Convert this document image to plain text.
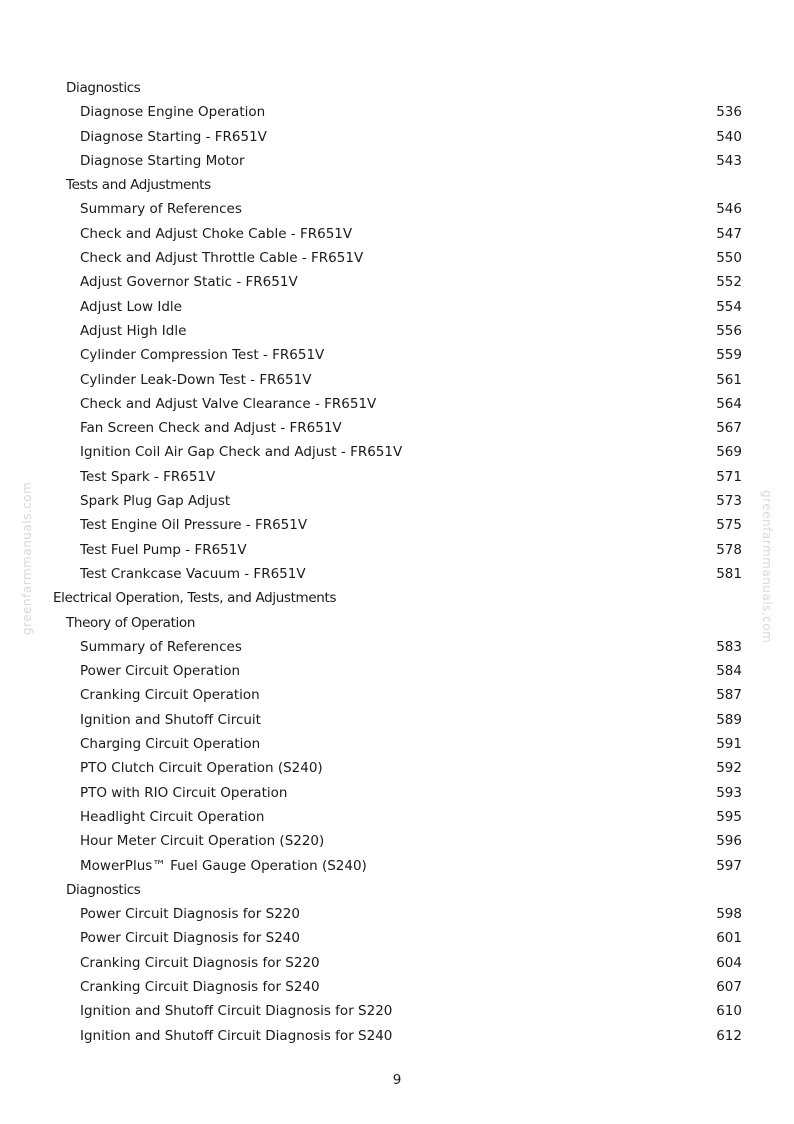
greenfarmmanuals.com	greenfarmmanuals.com
Diagnostics
Diagnose Engine Operation	536
Diagnose Starting - FR651V	540
Diagnose Starting Motor	543
Tests and Adjustments
Summary of References	546
Check and Adjust Choke Cable - FR651V	547
Check and Adjust Throttle Cable - FR651V	550
Adjust Governor Static - FR651V	552
Adjust Low Idle	554
Adjust High Idle	556
Cylinder Compression Test - FR651V	559
Cylinder Leak-Down Test - FR651V	561
Check and Adjust Valve Clearance - FR651V	564
Fan Screen Check and Adjust - FR651V	567
Ignition Coil Air Gap Check and Adjust - FR651V	569
Test Spark - FR651V	571
Spark Plug Gap Adjust	573
Test Engine Oil Pressure - FR651V	575
Test Fuel Pump - FR651V	578
Test Crankcase Vacuum - FR651V	581
Electrical Operation, Tests, and Adjustments
Theory of Operation
Summary of References	583
Power Circuit Operation	584
Cranking Circuit Operation	587
Ignition and Shutoff Circuit	589
Charging Circuit Operation	591
PTO Clutch Circuit Operation (S240)	592
PTO with RIO Circuit Operation	593
Headlight Circuit Operation	595
Hour Meter Circuit Operation (S220)	596
MowerPlus™ Fuel Gauge Operation (S240)	597
Diagnostics
Power Circuit Diagnosis for S220	598
Power Circuit Diagnosis for S240	601
Cranking Circuit Diagnosis for S220	604
Cranking Circuit Diagnosis for S240	607
Ignition and Shutoff Circuit Diagnosis for S220	610
Ignition and Shutoff Circuit Diagnosis for S240	612
9
